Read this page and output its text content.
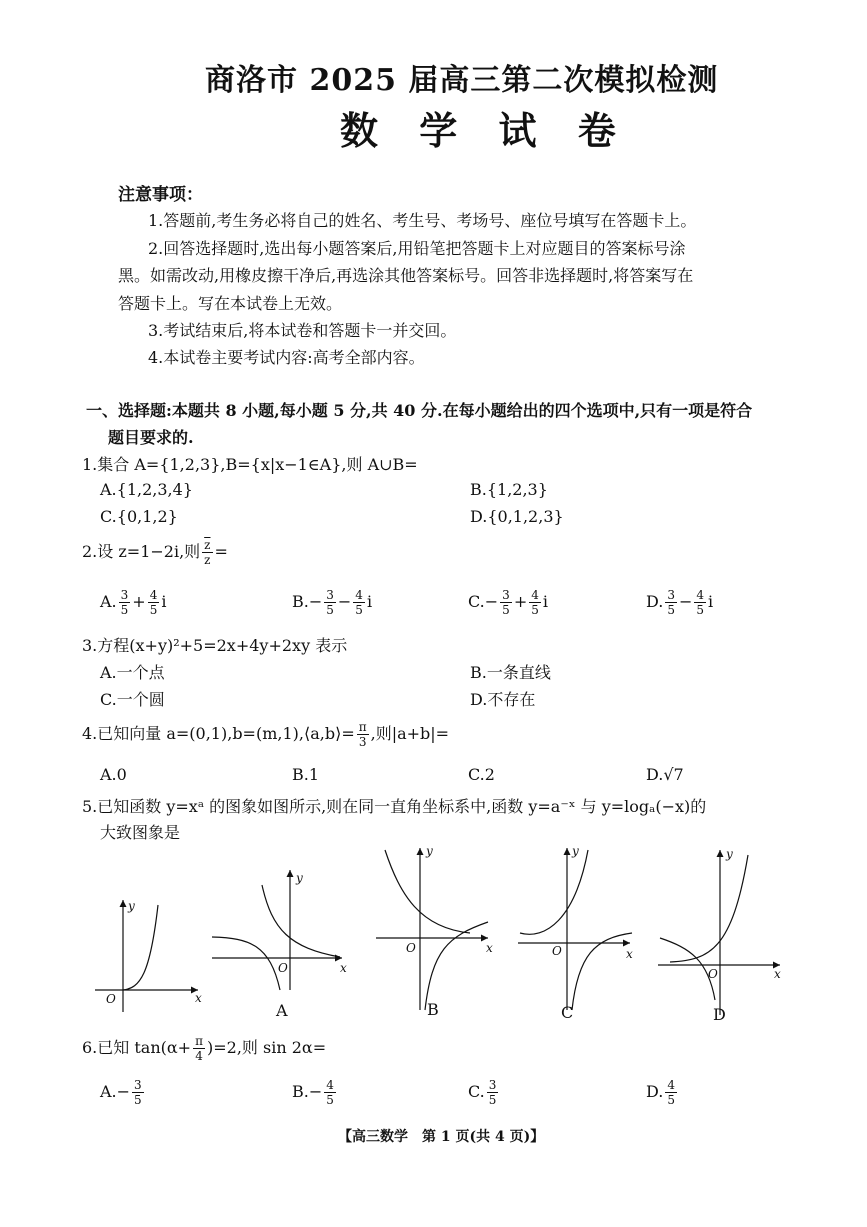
商洛市 2025 届高三第二次模拟检测
数 学 试 卷
注意事项：
1.答题前,考生务必将自己的姓名、考生号、考场号、座位号填写在答题卡上。
2.回答选择题时,选出每小题答案后,用铅笔把答题卡上对应题目的答案标号涂
黑。如需改动,用橡皮擦干净后,再选涂其他答案标号。回答非选择题时,将答案写在
答题卡上。写在本试卷上无效。
3.考试结束后,将本试卷和答题卡一并交回。
4.本试卷主要考试内容:高考全部内容。
一、选择题:本题共 8 小题,每小题 5 分,共 40 分.在每小题给出的四个选项中,只有一项是符合
题目要求的.
1.集合 A={1,2,3},B={x|x−1∈A},则 A∪B=
A.{1,2,3,4}	B.{1,2,3}
C.{0,1,2}	D.{0,1,2,3}
2.设 z=1−2i,则 $\frac{\overline{z}}{z}$ =
A. $\frac{3}{5} + \frac{4}{5}$ i	$B.- \frac{3}{5} - \frac{4}{5}$ i	$C.- \frac{3}{5} + \frac{4}{5}$ i	D. $\frac{3}{5} - \frac{4}{5}$ i
3.方程(x+y)²+5=2x+4y+2xy 表示
A.一个点	B.一条直线
C.一个圆	D.不存在
4.已知向量 a=(0,1),b=(m,1),⟨a,b⟩= $\frac{\pi}{3}$ ,则|a+b|=
A.0	B.1	C.2	D.√7
5.已知函数 y=xᵃ 的图象如图所示,则在同一直角坐标系中,函数 y=a⁻ˣ 与 y=logₐ(−x)的
大致图象是
y
x
O
y
x
O
y
x
O
y
x
O
y
x
O
A	B	C	D
6.已知 $\tan(\alpha+ \frac{\pi}{4} )=2$,则 sin 2α=
$A.- \frac{3}{5}$	$B.- \frac{4}{5}$	C. $\frac{3}{5}$	D. $\frac{4}{5}$
【高三数学　第 1 页(共 4 页)】
